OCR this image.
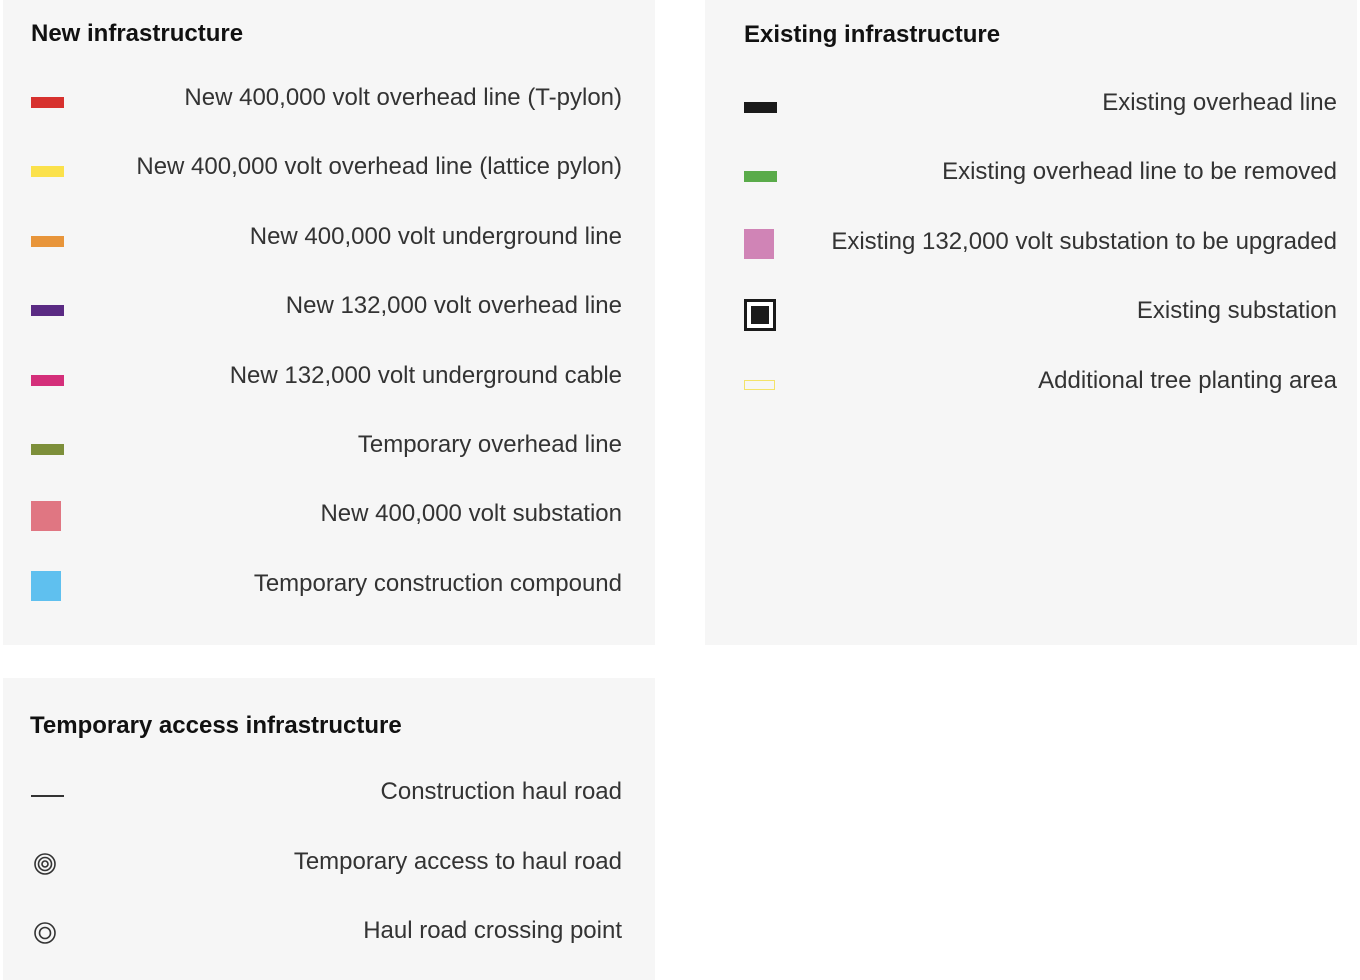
New infrastructure
New 400,000 volt overhead line (T-pylon)
New 400,000 volt overhead line (lattice pylon)
New 400,000 volt underground line
New 132,000 volt overhead line
New 132,000 volt underground cable
Temporary overhead line
New 400,000 volt substation
Temporary construction compound
Existing infrastructure
Existing overhead line
Existing overhead line to be removed
Existing 132,000 volt substation to be upgraded
Existing substation
Additional tree planting area
Temporary access infrastructure
Construction haul road
Temporary access to haul road
Haul road crossing point
